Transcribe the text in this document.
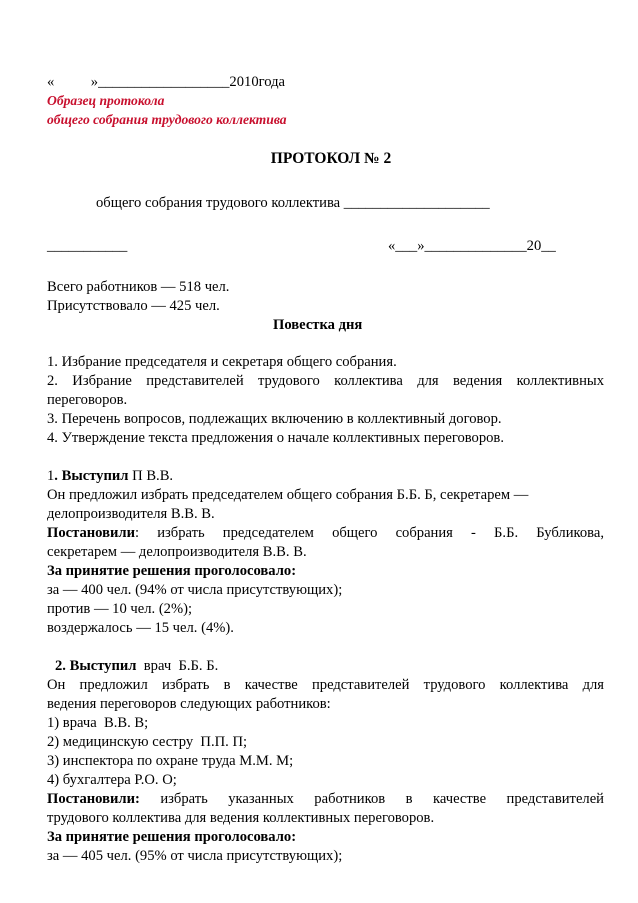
«          »__________________2010года
Образец протокола
общего собрания трудового коллектива
ПРОТОКОЛ № 2
общего собрания трудового коллектива ____________________
___________	«___»______________20__
Всего работников — 518 чел.
Присутствовало — 425 чел.
Повестка дня
1. Избрание председателя и секретаря общего собрания.
2. Избрание представителей трудового коллектива для ведения коллективных
переговоров.
3. Перечень вопросов, подлежащих включению в коллективный договор.
4. Утверждение текста предложения о начале коллективных переговоров.
1. Выступил П В.В.
Он предложил избрать председателем общего собрания Б.Б. Б, секретарем —
делопроизводителя В.В. В.
Постановили: избрать председателем общего собрания - Б.Б. Бубликова,
секретарем — делопроизводителя В.В. В.
За принятие решения проголосовало:
за — 400 чел. (94% от числа присутствующих);
против — 10 чел. (2%);
воздержалось — 15 чел. (4%).
2. Выступил  врач  Б.Б. Б.
Он предложил избрать в качестве представителей трудового коллектива для
ведения переговоров следующих работников:
1) врача  В.В. В;
2) медицинскую сестру  П.П. П;
3) инспектора по охране труда М.М. М;
4) бухгалтера Р.О. О;
Постановили: избрать указанных работников в качестве представителей
трудового коллектива для ведения коллективных переговоров.
За принятие решения проголосовало:
за — 405 чел. (95% от числа присутствующих);
